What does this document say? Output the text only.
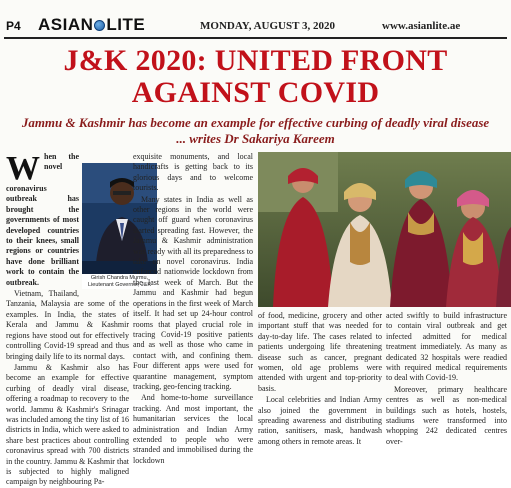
P4 ASIAN LITE	MONDAY, AUGUST 3, 2020	www.asianlite.ae
J&K 2020: UNITED FRONT
AGAINST COVID
Jammu & Kashmir has become an example for effective curbing of deadly viral disease ... writes Dr Sakariya Kareem

When the novel coronavirus outbreak has brought the governments of most developed countries to their knees, small regions or countries have done brilliant work to contain the outbreak.

Vietnam, Thailand, Tanzania, Malaysia are some of the examples. In India, the states of Kerala and Jammu & Kashmir regions have stood out for effectively controlling Covid-19 spread and thus bringing daily life to its normal days.

Jammu & Kashmir also has become an example for effective curbing of deadly viral disease, offering a roadmap to recovery to the world. Jammu & Kashmir's Srinagar was included among the tiny list of 16 districts in India, which were asked to share best practices about controlling coronavirus spread with 700 districts in the country. Jammu & Kashmir that is subjected to highly maligned campaign by neighbouring Pa-

Girish Chandra Murmu, Lieutenant Governor, J&K

exquisite monuments, and local handicrafts is getting back to its glorious days and to welcome tourists.

Many states in India as well as other regions in the world were caught off guard when coronavirus started spreading fast. However, the Jammu & Kashmir administration was ready with all its preparedness to take on novel coronavirus. India enforced nationwide lockdown from the last week of March. But the Jammu and Kashmir had begun operations in the first week of March itself. It had set up 24-hour control rooms that played crucial role in tracing Covid-19 positive patients and as well as those who came in contact with, and confining them. Four different apps were used for quarantine management, symptom tracking, geo-fencing tracking.

And home-to-home surveillance tracking. And most important, the humanitarian services the local administration and Indian Army extended to people who were stranded and immobilised during the lockdown

of food, medicine, grocery and other important stuff that was needed for day-to-day life. The cases related to patients undergoing life threatening disease such as cancer, pregnant women, old age problems were attended with urgent and top-priority basis.

Local celebrities and Indian Army also joined the government in spreading awareness and distributing ration, sanitisers, mask, handwash among others in remote areas. It

acted swiftly to build infrastructure to contain viral outbreak and get infected admitted for medical treatment immediately. As many as dedicated 32 hospitals were readied with required medical requirements to deal with Covid-19.

Moreover, primary healthcare centres as well as non-medical buildings such as hotels, hostels, stadiums were transformed into whopping 242 dedicated centres over-
